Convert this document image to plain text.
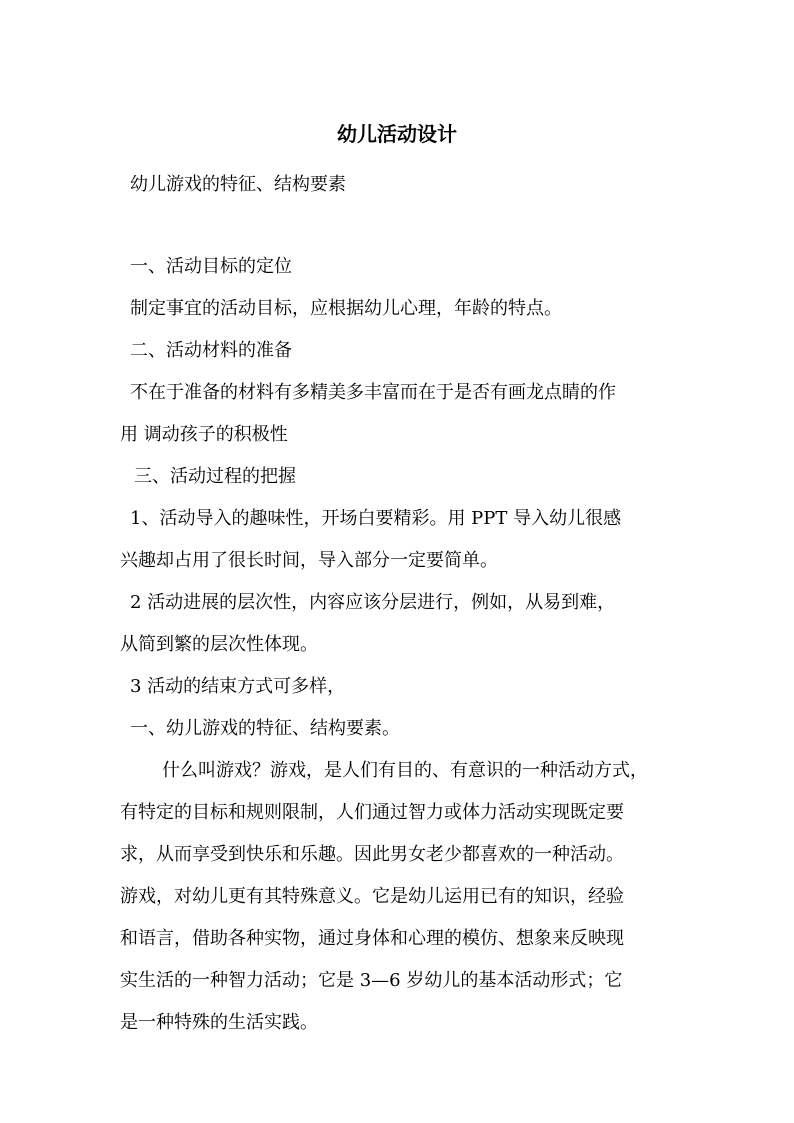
幼儿活动设计
幼儿游戏的特征、结构要素
一、活动目标的定位
制定事宜的活动目标，应根据幼儿心理，年龄的特点。
二、活动材料的准备
不在于准备的材料有多精美多丰富而在于是否有画龙点睛的作
用 调动孩子的积极性
三、活动过程的把握
1、活动导入的趣味性，开场白要精彩。用 PPT 导入幼儿很感
兴趣却占用了很长时间，导入部分一定要简单。
2 活动进展的层次性，内容应该分层进行，例如，从易到难，
从简到繁的层次性体现。
3 活动的结束方式可多样，
一、幼儿游戏的特征、结构要素。
什么叫游戏？游戏，是人们有目的、有意识的一种活动方式，
有特定的目标和规则限制，人们通过智力或体力活动实现既定要
求，从而享受到快乐和乐趣。因此男女老少都喜欢的一种活动。
游戏，对幼儿更有其特殊意义。它是幼儿运用已有的知识，经验
和语言，借助各种实物，通过身体和心理的模仿、想象来反映现
实生活的一种智力活动；它是 3—6 岁幼儿的基本活动形式；它
是一种特殊的生活实践。
